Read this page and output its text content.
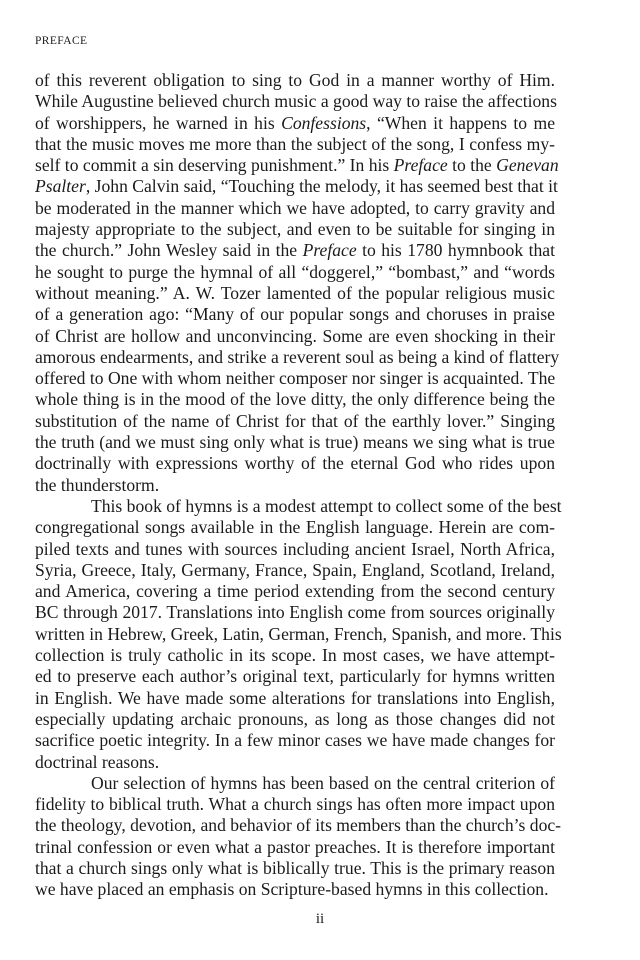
PREFACE
of this reverent obligation to sing to God in a manner worthy of Him.
While Augustine believed church music a good way to raise the affections
of worshippers, he warned in his Confessions, “When it happens to me
that the music moves me more than the subject of the song, I confess my-
self to commit a sin deserving punishment.” In his Preface to the Genevan
Psalter, John Calvin said, “Touching the melody, it has seemed best that it
be moderated in the manner which we have adopted, to carry gravity and
majesty appropriate to the subject, and even to be suitable for singing in
the church.” John Wesley said in the Preface to his 1780 hymnbook that
he sought to purge the hymnal of all “doggerel,” “bombast,” and “words
without meaning.” A. W. Tozer lamented of the popular religious music
of a generation ago: “Many of our popular songs and choruses in praise
of Christ are hollow and unconvincing. Some are even shocking in their
amorous endearments, and strike a reverent soul as being a kind of flattery
offered to One with whom neither composer nor singer is acquainted. The
whole thing is in the mood of the love ditty, the only difference being the
substitution of the name of Christ for that of the earthly lover.” Singing
the truth (and we must sing only what is true) means we sing what is true
doctrinally with expressions worthy of the eternal God who rides upon
the thunderstorm.
This book of hymns is a modest attempt to collect some of the best
congregational songs available in the English language. Herein are com-
piled texts and tunes with sources including ancient Israel, North Africa,
Syria, Greece, Italy, Germany, France, Spain, England, Scotland, Ireland,
and America, covering a time period extending from the second century
BC through 2017. Translations into English come from sources originally
written in Hebrew, Greek, Latin, German, French, Spanish, and more. This
collection is truly catholic in its scope. In most cases, we have attempt-
ed to preserve each author’s original text, particularly for hymns written
in English. We have made some alterations for translations into English,
especially updating archaic pronouns, as long as those changes did not
sacrifice poetic integrity. In a few minor cases we have made changes for
doctrinal reasons.
Our selection of hymns has been based on the central criterion of
fidelity to biblical truth. What a church sings has often more impact upon
the theology, devotion, and behavior of its members than the church’s doc-
trinal confession or even what a pastor preaches. It is therefore important
that a church sings only what is biblically true. This is the primary reason
we have placed an emphasis on Scripture-based hymns in this collection.
ii
